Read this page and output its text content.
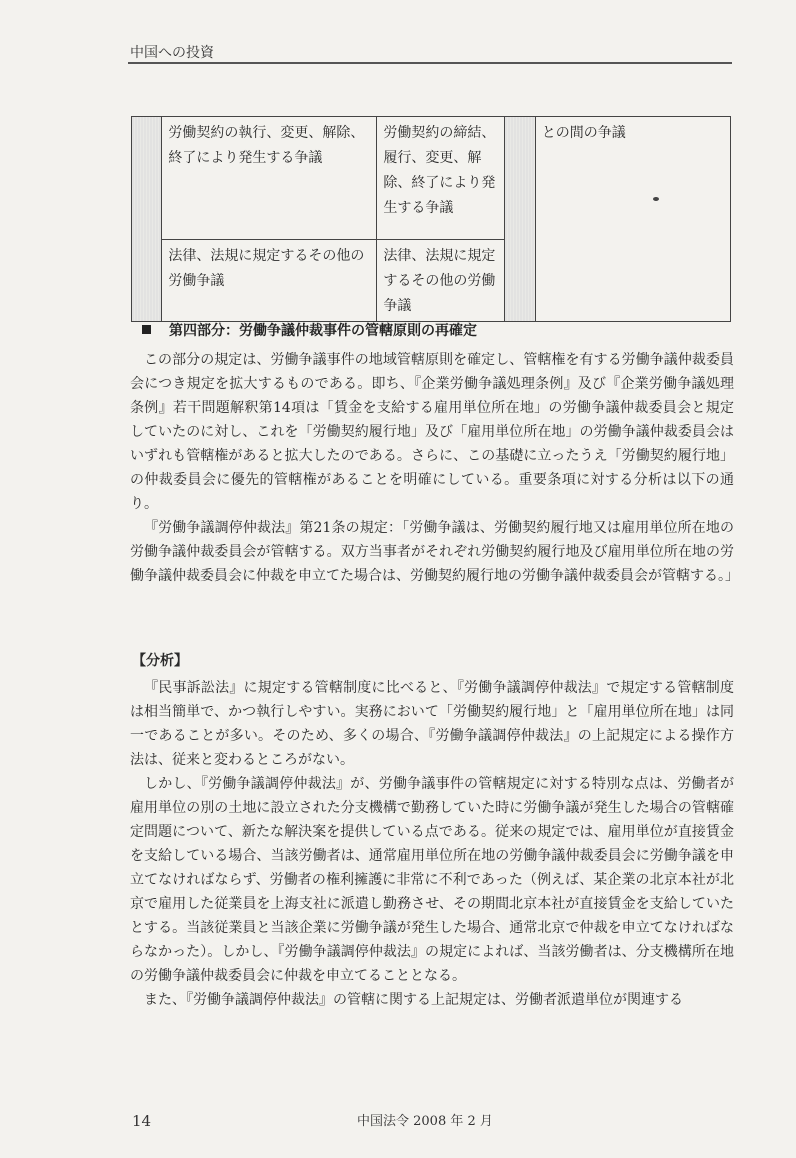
中国への投資
	労働契約の執行、変更、解除、終了により発生する争議	労働契約の締結、履行、変更、解除、終了により発生する争議		との間の争議
	法律、法規に規定するその他の労働争議	法律、法規に規定するその他の労働争議		
第四部分：労働争議仲裁事件の管轄原則の再確定

この部分の規定は、労働争議事件の地域管轄原則を確定し、管轄権を有する労働争議仲裁委員会につき規定を拡大するものである。即ち、『企業労働争議処理条例』及び『企業労働争議処理条例』若干問題解釈第14項は「賃金を支給する雇用単位所在地」の労働争議仲裁委員会と規定していたのに対し、これを「労働契約履行地」及び「雇用単位所在地」の労働争議仲裁委員会はいずれも管轄権があると拡大したのである。さらに、この基礎に立ったうえ「労働契約履行地」の仲裁委員会に優先的管轄権があることを明確にしている。重要条項に対する分析は以下の通り。

『労働争議調停仲裁法』第21条の規定：「労働争議は、労働契約履行地又は雇用単位所在地の労働争議仲裁委員会が管轄する。双方当事者がそれぞれ労働契約履行地及び雇用単位所在地の労働争議仲裁委員会に仲裁を申立てた場合は、労働契約履行地の労働争議仲裁委員会が管轄する。」

【分析】

『民事訴訟法』に規定する管轄制度に比べると、『労働争議調停仲裁法』で規定する管轄制度は相当簡単で、かつ執行しやすい。実務において「労働契約履行地」と「雇用単位所在地」は同一であることが多い。そのため、多くの場合、『労働争議調停仲裁法』の上記規定による操作方法は、従来と変わるところがない。

しかし、『労働争議調停仲裁法』が、労働争議事件の管轄規定に対する特別な点は、労働者が雇用単位の別の土地に設立された分支機構で勤務していた時に労働争議が発生した場合の管轄確定問題について、新たな解決案を提供している点である。従来の規定では、雇用単位が直接賃金を支給している場合、当該労働者は、通常雇用単位所在地の労働争議仲裁委員会に労働争議を申立てなければならず、労働者の権利擁護に非常に不利であった（例えば、某企業の北京本社が北京で雇用した従業員を上海支社に派遣し勤務させ、その期間北京本社が直接賃金を支給していたとする。当該従業員と当該企業に労働争議が発生した場合、通常北京で仲裁を申立てなければならなかった）。しかし、『労働争議調停仲裁法』の規定によれば、当該労働者は、分支機構所在地の労働争議仲裁委員会に仲裁を申立てることとなる。

また、『労働争議調停仲裁法』の管轄に関する上記規定は、労働者派遣単位が関連する

14	中国法令 2008 年 2 月
